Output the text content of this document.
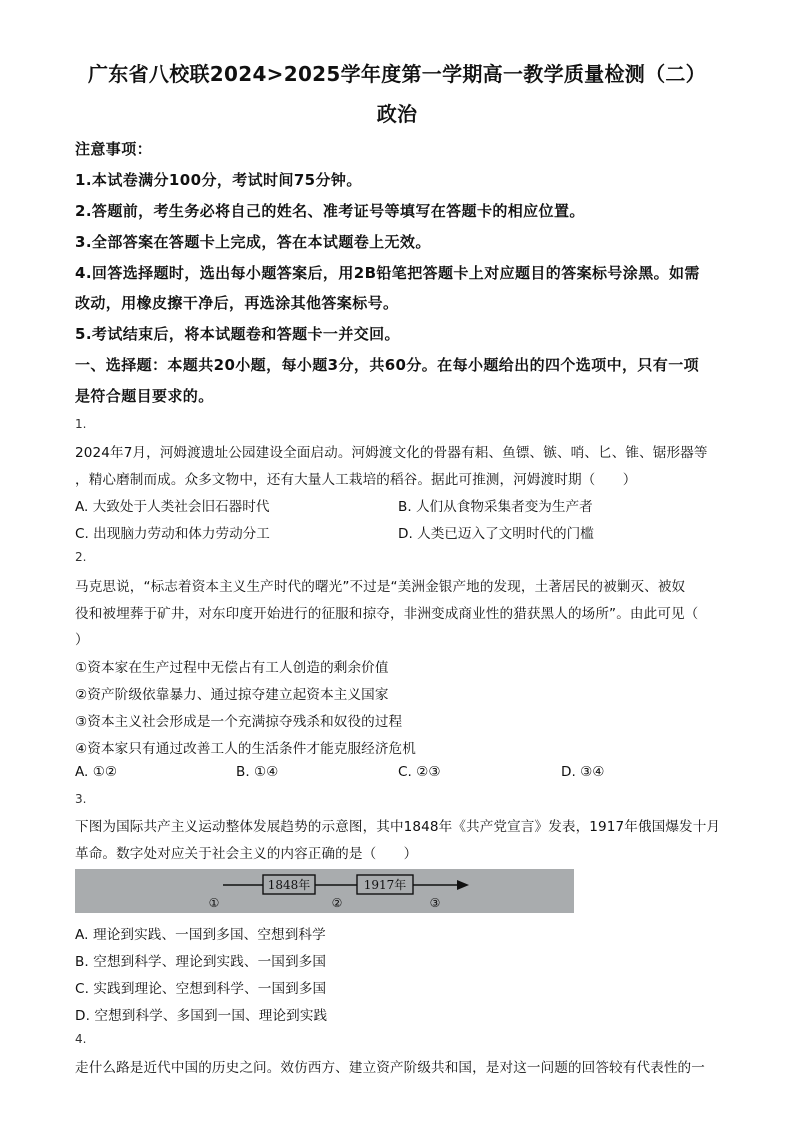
广东省八校联2024>2025学年度第一学期高一教学质量检测（二）
政治
注意事项：
1.本试卷满分100分，考试时间75分钟。
2.答题前，考生务必将自己的姓名、准考证号等填写在答题卡的相应位置。
3.全部答案在答题卡上完成，答在本试题卷上无效。
4.回答选择题时，选出每小题答案后，用2B铅笔把答题卡上对应题目的答案标号涂黑。如需
改动，用橡皮擦干净后，再选涂其他答案标号。
5.考试结束后，将本试题卷和答题卡一并交回。
一、选择题：本题共20小题，每小题3分，共60分。在每小题给出的四个选项中，只有一项
是符合题目要求的。
1.
2024年7月，河姆渡遗址公园建设全面启动。河姆渡文化的骨器有耜、鱼镖、镞、哨、匕、锥、锯形器等
，精心磨制而成。众多文物中，还有大量人工栽培的稻谷。据此可推测，河姆渡时期（　　）
A. 大致处于人类社会旧石器时代	B. 人们从食物采集者变为生产者
C. 出现脑力劳动和体力劳动分工	D. 人类已迈入了文明时代的门槛
2.
马克思说，“标志着资本主义生产时代的曙光”不过是“美洲金银产地的发现，土著居民的被剿灭、被奴
役和被埋葬于矿井，对东印度开始进行的征服和掠夺，非洲变成商业性的猎获黑人的场所”。由此可见（
）
①资本家在生产过程中无偿占有工人创造的剩余价值
②资产阶级依靠暴力、通过掠夺建立起资本主义国家
③资本主义社会形成是一个充满掠夺残杀和奴役的过程
④资本家只有通过改善工人的生活条件才能克服经济危机
A. ①②	B. ①④	C. ②③	D. ③④
3.
下图为国际共产主义运动整体发展趋势的示意图，其中1848年《共产党宣言》发表，1917年俄国爆发十月
革命。数字处对应关于社会主义的内容正确的是（　　）
1848年	1917年
①	②	③
A. 理论到实践、一国到多国、空想到科学
B. 空想到科学、理论到实践、一国到多国
C. 实践到理论、空想到科学、一国到多国
D. 空想到科学、多国到一国、理论到实践
4.
走什么路是近代中国的历史之问。效仿西方、建立资产阶级共和国，是对这一问题的回答较有代表性的一
